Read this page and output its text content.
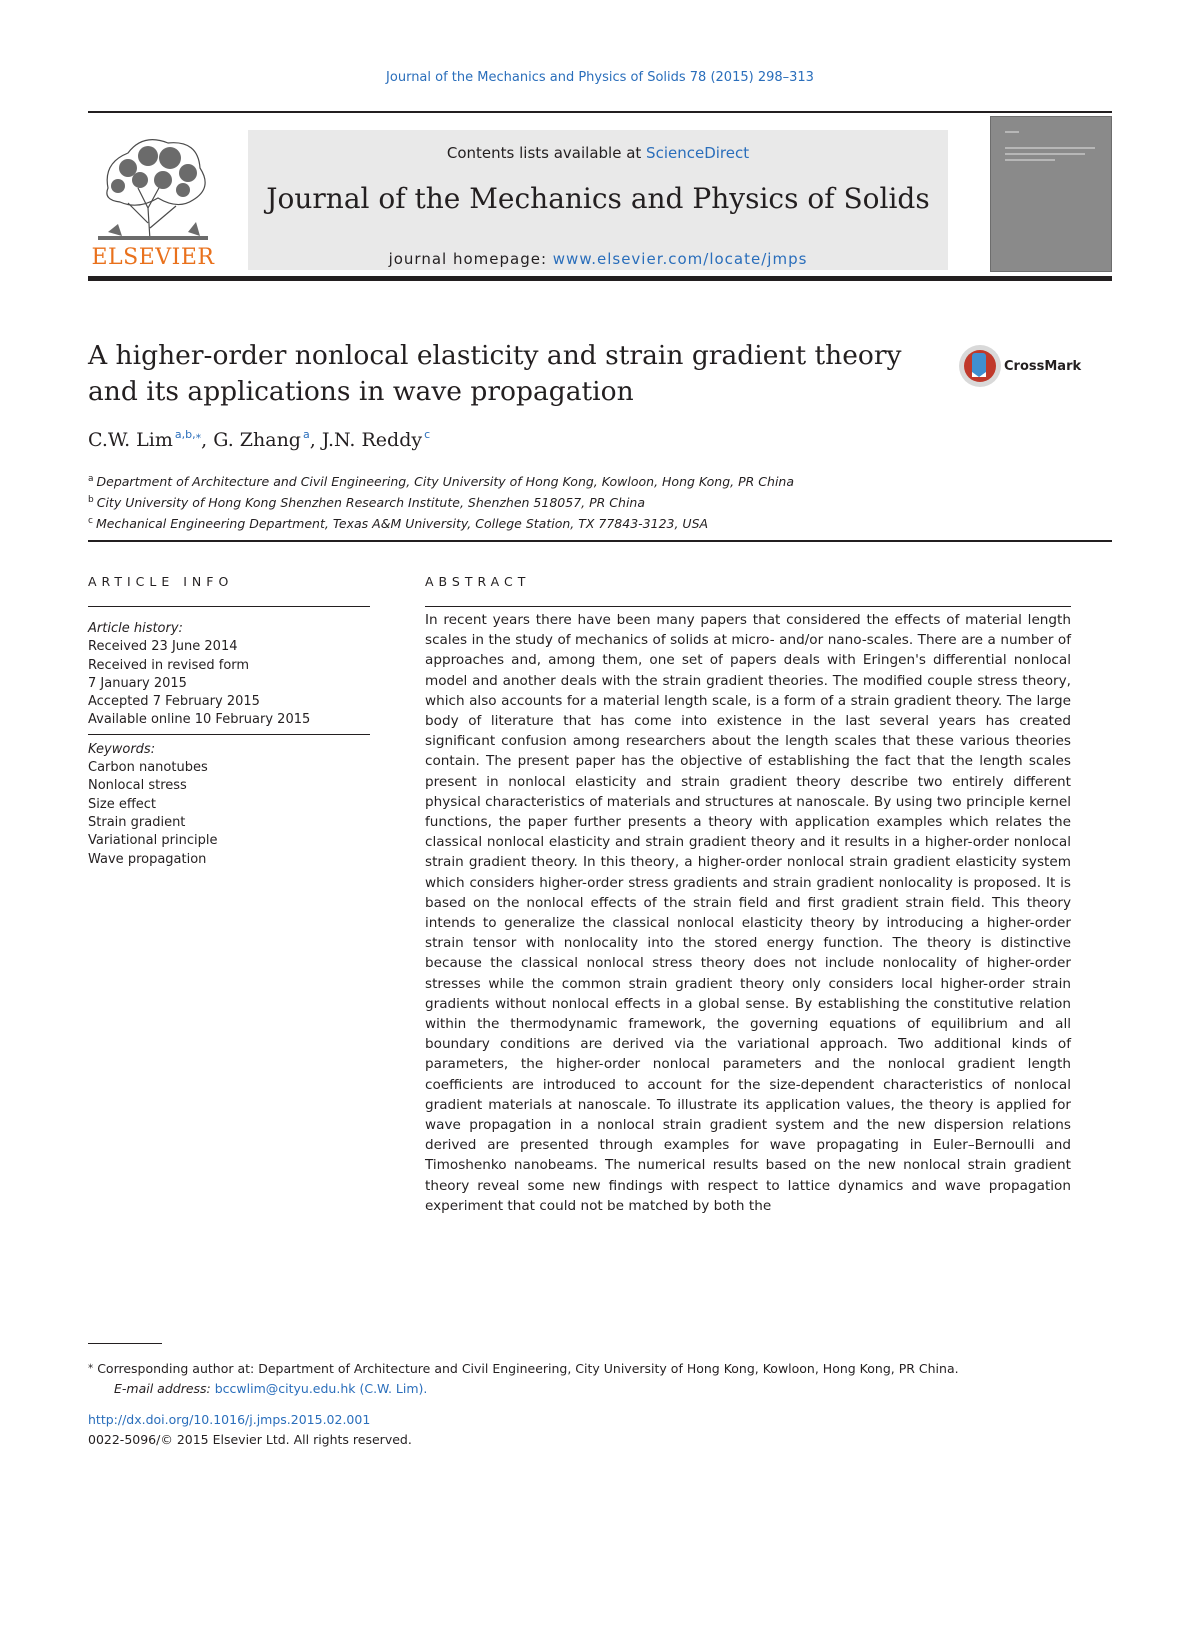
Journal of the Mechanics and Physics of Solids 78 (2015) 298–313
ELSEVIER
Contents lists available at ScienceDirect
Journal of the Mechanics and Physics of Solids
journal homepage: www.elsevier.com/locate/jmps
A higher-order nonlocal elasticity and strain gradient theory
and its applications in wave propagation
CrossMark
C.W. Lim $^{a,b,⁎}$, G. Zhang $^a$, J.N. Reddy $^c$
$^a$ Department of Architecture and Civil Engineering, City University of Hong Kong, Kowloon, Hong Kong, PR China
$^b$ City University of Hong Kong Shenzhen Research Institute, Shenzhen 518057, PR China
$^c$ Mechanical Engineering Department, Texas A&M University, College Station, TX 77843-3123, USA
ARTICLE INFO	ABSTRACT
Article history:
Received 23 June 2014
Received in revised form
7 January 2015
Accepted 7 February 2015
Available online 10 February 2015
Keywords:
Carbon nanotubes
Nonlocal stress
Size effect
Strain gradient
Variational principle
Wave propagation
In recent years there have been many papers that considered the effects of material length scales in the study of mechanics of solids at micro- and/or nano-scales. There are a number of approaches and, among them, one set of papers deals with Eringen's differential nonlocal model and another deals with the strain gradient theories. The modified couple stress theory, which also accounts for a material length scale, is a form of a strain gradient theory. The large body of literature that has come into existence in the last several years has created significant confusion among researchers about the length scales that these various theories contain. The present paper has the objective of establishing the fact that the length scales present in nonlocal elasticity and strain gradient theory describe two entirely different physical characteristics of materials and structures at nanoscale. By using two principle kernel functions, the paper further presents a theory with application examples which relates the classical nonlocal elasticity and strain gradient theory and it results in a higher-order nonlocal strain gradient theory. In this theory, a higher-order nonlocal strain gradient elasticity system which considers higher-order stress gradients and strain gradient nonlocality is proposed. It is based on the nonlocal effects of the strain field and first gradient strain field. This theory intends to generalize the classical nonlocal elasticity theory by introducing a higher-order strain tensor with nonlocality into the stored energy function. The theory is distinctive because the classical nonlocal stress theory does not include nonlocality of higher-order stresses while the common strain gradient theory only considers local higher-order strain gradients without nonlocal effects in a global sense. By establishing the constitutive relation within the thermodynamic framework, the governing equations of equilibrium and all boundary conditions are derived via the variational approach. Two additional kinds of parameters, the higher-order nonlocal parameters and the nonlocal gradient length coefficients are introduced to account for the size-dependent characteristics of nonlocal gradient materials at nanoscale. To illustrate its application values, the theory is applied for wave propagation in a nonlocal strain gradient system and the new dispersion relations derived are presented through examples for wave propagating in Euler–Bernoulli and Timoshenko nanobeams. The numerical results based on the new nonlocal strain gradient theory reveal some new findings with respect to lattice dynamics and wave propagation experiment that could not be matched by both the
⁎ Corresponding author at: Department of Architecture and Civil Engineering, City University of Hong Kong, Kowloon, Hong Kong, PR China.
E-mail address: bccwlim@cityu.edu.hk (C.W. Lim).
http://dx.doi.org/10.1016/j.jmps.2015.02.001
0022-5096/© 2015 Elsevier Ltd. All rights reserved.
